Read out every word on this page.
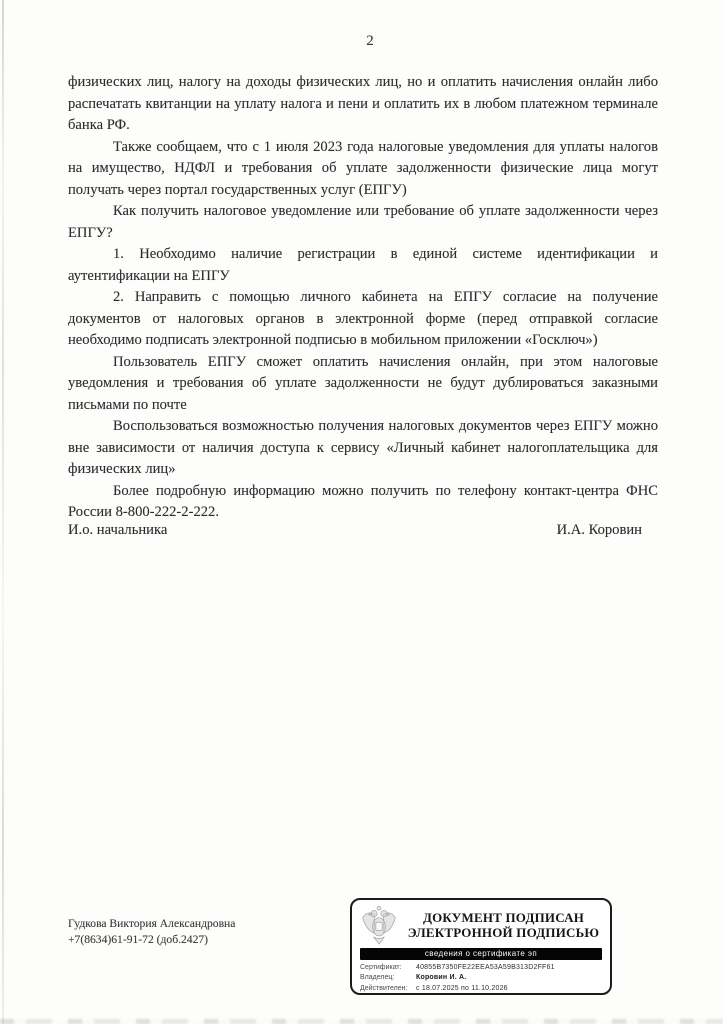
2

физических лиц, налогу на доходы физических лиц, но и оплатить начисления онлайн либо распечатать квитанции на уплату налога и пени и оплатить их в любом платежном терминале банка РФ.

Также сообщаем, что с 1 июля 2023 года налоговые уведомления для уплаты налогов на имущество, НДФЛ и требования об уплате задолженности физические лица могут получать через портал государственных услуг (ЕПГУ)

Как получить налоговое уведомление или требование об уплате задолженности через ЕПГУ?

1. Необходимо наличие регистрации в единой системе идентификации и аутентификации на ЕПГУ

2. Направить с помощью личного кабинета на ЕПГУ согласие на получение документов от налоговых органов в электронной форме (перед отправкой согласие необходимо подписать электронной подписью в мобильном приложении «Госключ»)

Пользователь ЕПГУ сможет оплатить начисления онлайн, при этом налоговые уведомления и требования об уплате задолженности не будут дублироваться заказными письмами по почте

Воспользоваться возможностью получения налоговых документов через ЕПГУ можно вне зависимости от наличия доступа к сервису «Личный кабинет налогоплательщика для физических лиц»

Более подробную информацию можно получить по телефону контакт-центра ФНС России 8-800-222-2-222.

И.о. начальника	И.А. Коровин
Гудкова Виктория Александровна
+7(8634)61-91-72 (доб.2427)
ДОКУМЕНТ ПОДПИСАН
ЭЛЕКТРОННОЙ ПОДПИСЬЮ
сведения о сертификате эп
Сертификат:	40855B7350FE22EEA53A59B313D2FF61
Владелец:	Коровин И. А.
Действителен:	с 18.07.2025 по 11.10.2026
